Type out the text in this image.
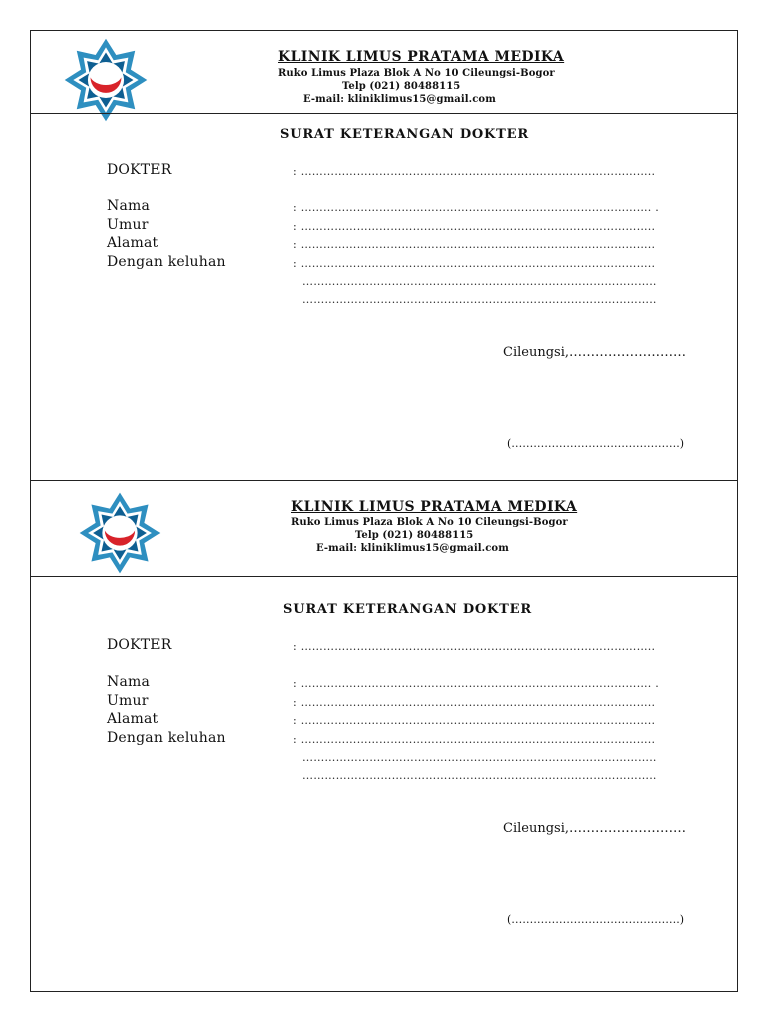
KLINIK LIMUS PRATAMA MEDIKA
Ruko Limus Plaza Blok A No 10 Cileungsi-Bogor
Telp (021) 80488115
E-mail: kliniklimus15@gmail.com
SURAT KETERANGAN DOKTER
DOKTER	: …………………………………………………………………………………..
Nama	: …………………………………………………………………………………. .
Umur	: …………………………………………………………………………………..
Alamat	: …………………………………………………………………………………..
Dengan keluhan	: …………………………………………………………………………………..
…………………………………………………………………………………..
…………………………………………………………………………………..
Cileungsi,………………………
(……………………………………….)
KLINIK LIMUS PRATAMA MEDIKA
Ruko Limus Plaza Blok A No 10 Cileungsi-Bogor
Telp (021) 80488115
E-mail: kliniklimus15@gmail.com
SURAT KETERANGAN DOKTER
DOKTER	: …………………………………………………………………………………..
Nama	: …………………………………………………………………………………. .
Umur	: …………………………………………………………………………………..
Alamat	: …………………………………………………………………………………..
Dengan keluhan	: …………………………………………………………………………………..
…………………………………………………………………………………..
…………………………………………………………………………………..
Cileungsi,………………………
(……………………………………….)
